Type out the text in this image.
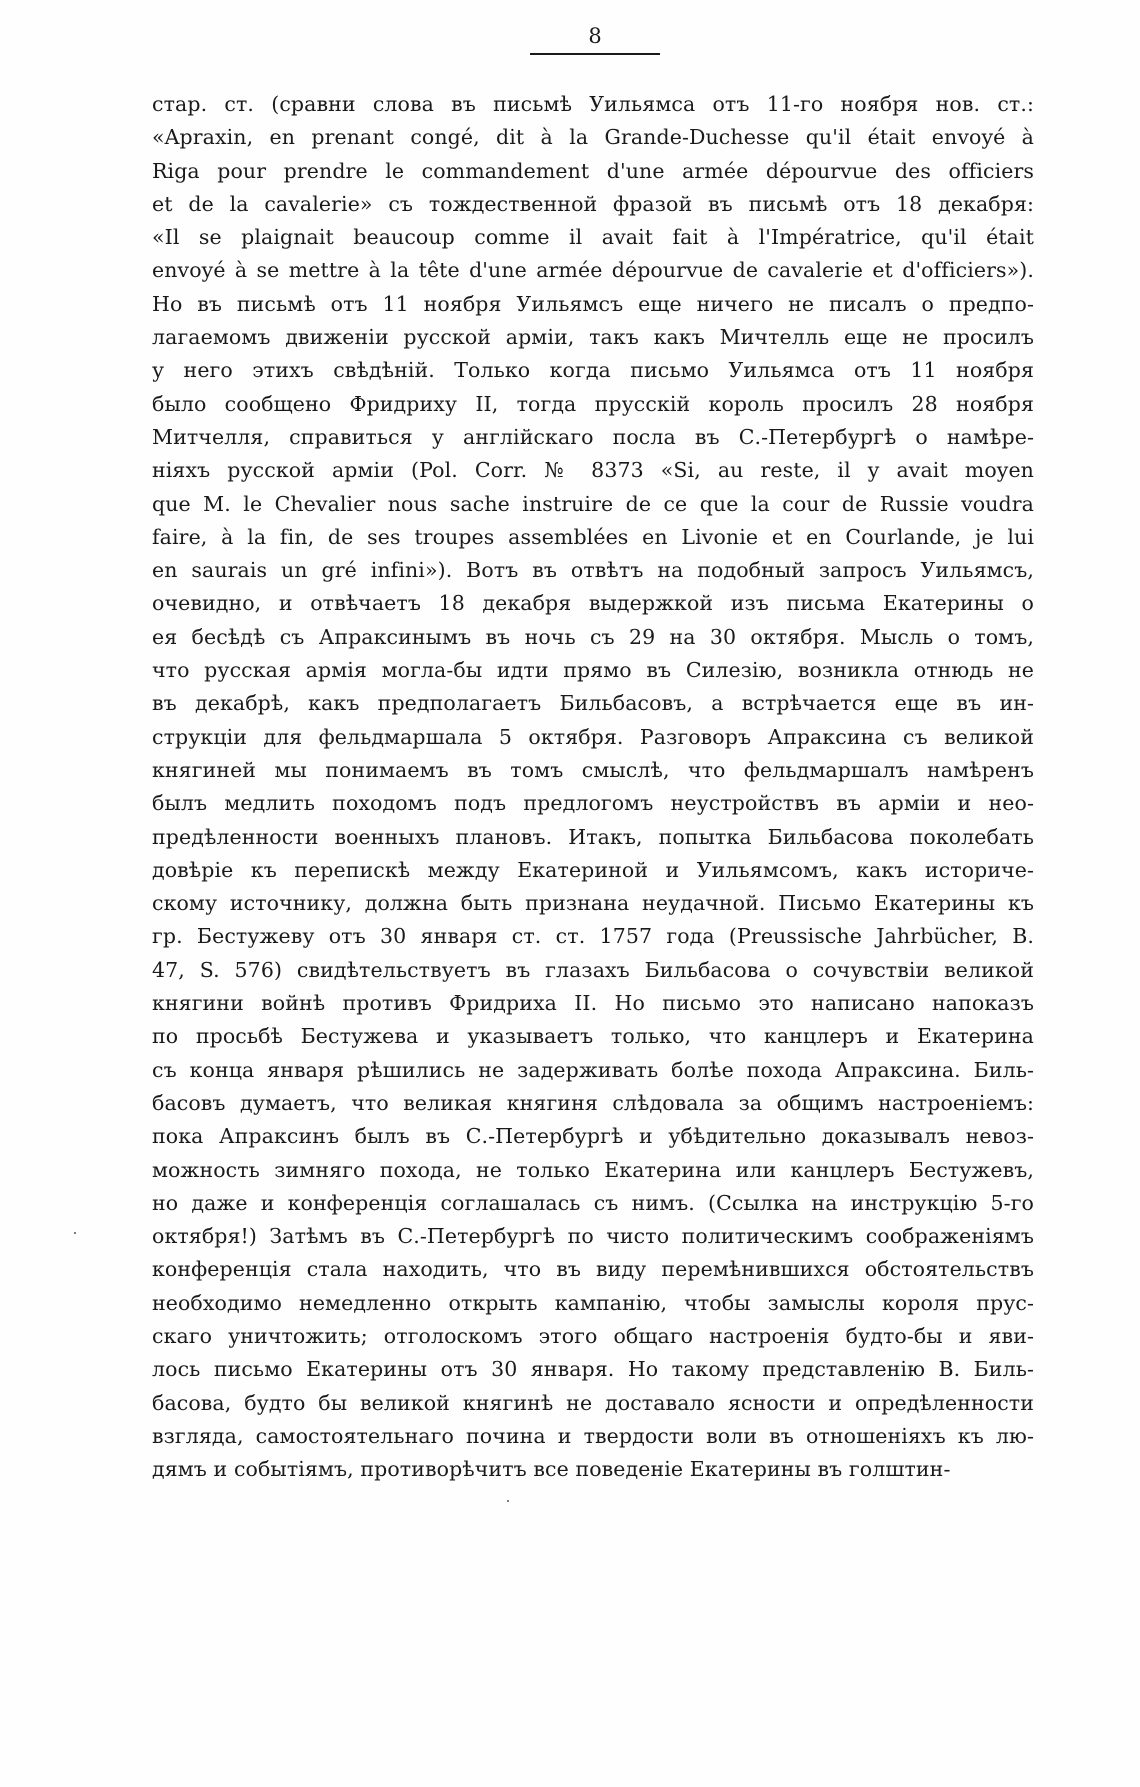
8
стар. ст. (сравни слова въ письмѣ Уильямса отъ 11-го ноября нов. ст.:
«Apraxin, en prenant congé, dit à la Grande-Duchesse qu'il était envoyé à
Riga pour prendre le commandement d'une armée dépourvue des officiers
et de la cavalerie» съ тождественной фразой въ письмѣ отъ 18 декабря:
«Il se plaignait beaucoup comme il avait fait à l'Impératrice, qu'il était
envoyé à se mettre à la tête d'une armée dépourvue de cavalerie et d'officiers»).
Но въ письмѣ отъ 11 ноября Уильямсъ еще ничего не писалъ о предпо-
лагаемомъ движеніи русской арміи, такъ какъ Мичтелль еще не просилъ
у него этихъ свѣдѣній. Только когда письмо Уильямса отъ 11 ноября
было сообщено Фридриху II, тогда прусскій король просилъ 28 ноября
Митчелля, справиться у англійскаго посла въ С.-Петербургѣ о намѣре-
ніяхъ русской арміи (Pol. Corr. № 8373 «Si, au reste, il y avait moyen
que M. le Chevalier nous sache instruire de ce que la cour de Russie voudra
faire, à la fin, de ses troupes assemblées en Livonie et en Courlande, je lui
en saurais un gré infini»). Вотъ въ отвѣтъ на подобный запросъ Уильямсъ,
очевидно, и отвѣчаетъ 18 декабря выдержкой изъ письма Екатерины о
ея бесѣдѣ съ Апраксинымъ въ ночь съ 29 на 30 октября. Мысль о томъ,
что русская армія могла-бы идти прямо въ Силезію, возникла отнюдь не
въ декабрѣ, какъ предполагаетъ Бильбасовъ, а встрѣчается еще въ ин-
струкціи для фельдмаршала 5 октября. Разговоръ Апраксина съ великой
княгиней мы понимаемъ въ томъ смыслѣ, что фельдмаршалъ намѣренъ
былъ медлить походомъ подъ предлогомъ неустройствъ въ арміи и нео-
предѣленности военныхъ плановъ. Итакъ, попытка Бильбасова поколебать
довѣріе къ перепискѣ между Екатериной и Уильямсомъ, какъ историче-
скому источнику, должна быть признана неудачной. Письмо Екатерины къ
гр. Бестужеву отъ 30 января ст. ст. 1757 года (Preussische Jahrbücher, B.
47, S. 576) свидѣтельствуетъ въ глазахъ Бильбасова о сочувствіи великой
княгини войнѣ противъ Фридриха II. Но письмо это написано напоказъ
по просьбѣ Бестужева и указываетъ только, что канцлеръ и Екатерина
съ конца января рѣшились не задерживать болѣе похода Апраксина. Биль-
басовъ думаетъ, что великая княгиня слѣдовала за общимъ настроеніемъ:
пока Апраксинъ былъ въ С.-Петербургѣ и убѣдительно доказывалъ невоз-
можность зимняго похода, не только Екатерина или канцлеръ Бестужевъ,
но даже и конференція соглашалась съ нимъ. (Ссылка на инструкцію 5-го
октября!) Затѣмъ въ С.-Петербургѣ по чисто политическимъ соображеніямъ
конференція стала находить, что въ виду перемѣнившихся обстоятельствъ
необходимо немедленно открыть кампанію, чтобы замыслы короля прус-
скаго уничтожить; отголоскомъ этого общаго настроенія будто-бы и яви-
лось письмо Екатерины отъ 30 января. Но такому представленію В. Биль-
басова, будто бы великой княгинѣ не доставало ясности и опредѣленности
взгляда, самостоятельнаго почина и твердости воли въ отношеніяхъ къ лю-
дямъ и событіямъ, противорѣчитъ все поведеніе Екатерины въ голштин-
